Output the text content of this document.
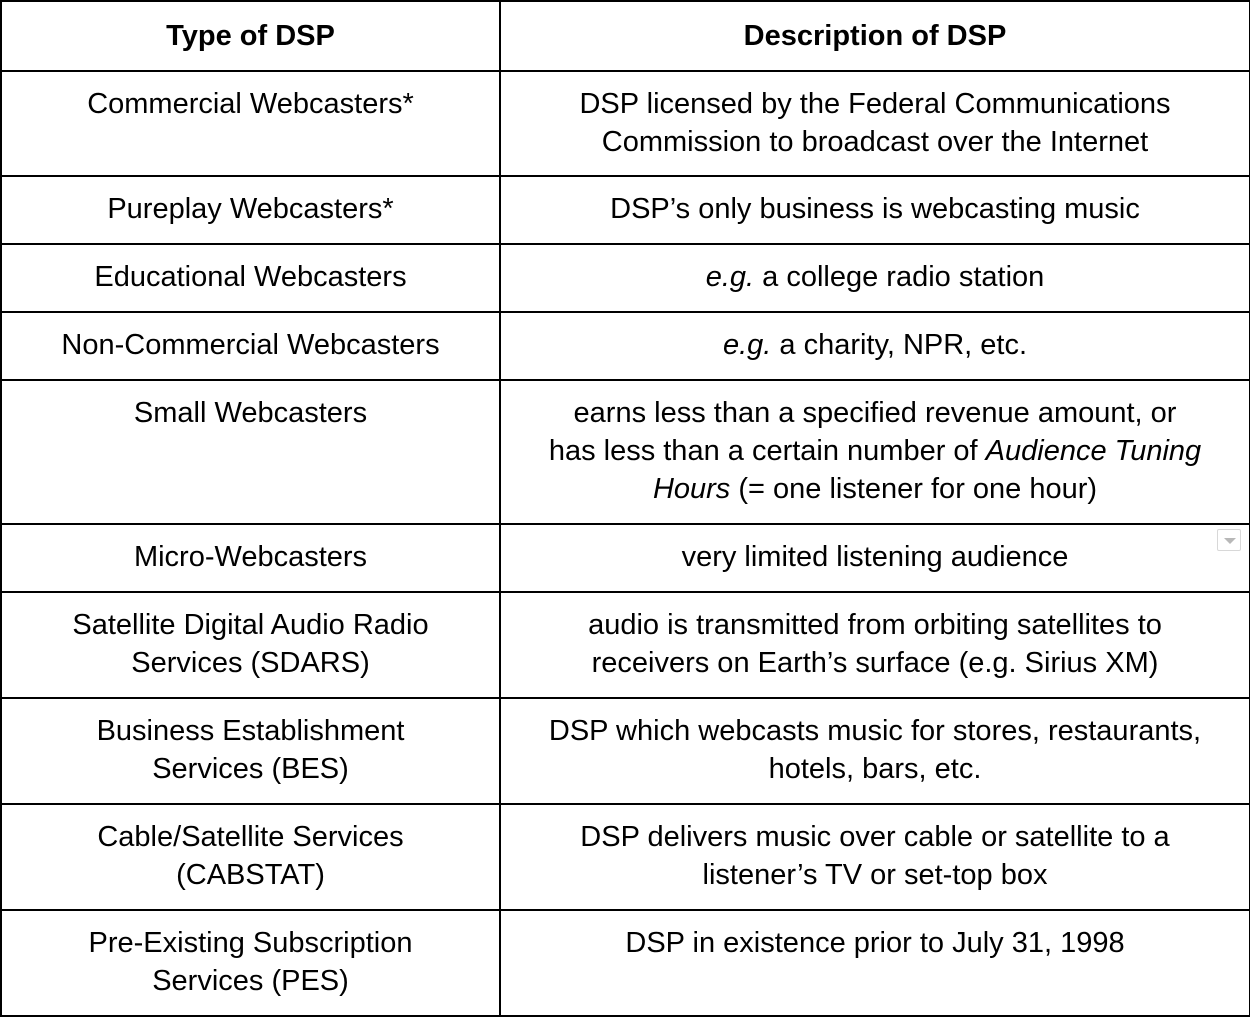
Type of DSP	Description of DSP

Commercial Webcasters*	DSP licensed by the Federal Communications
Commission to broadcast over the Internet

Pureplay Webcasters*	DSP’s only business is webcasting music

Educational Webcasters	e.g. a college radio station

Non-Commercial Webcasters	e.g. a charity, NPR, etc.

Small Webcasters	earns less than a specified revenue amount, or
has less than a certain number of Audience Tuning
Hours (= one listener for one hour)

Micro-Webcasters	very limited listening audience

Satellite Digital Audio Radio
Services (SDARS)	audio is transmitted from orbiting satellites to
receivers on Earth’s surface (e.g. Sirius XM)

Business Establishment
Services (BES)	DSP which webcasts music for stores, restaurants,
hotels, bars, etc.

Cable/Satellite Services
(CABSTAT)	DSP delivers music over cable or satellite to a
listener’s TV or set-top box

Pre-Existing Subscription
Services (PES)	DSP in existence prior to July 31, 1998
